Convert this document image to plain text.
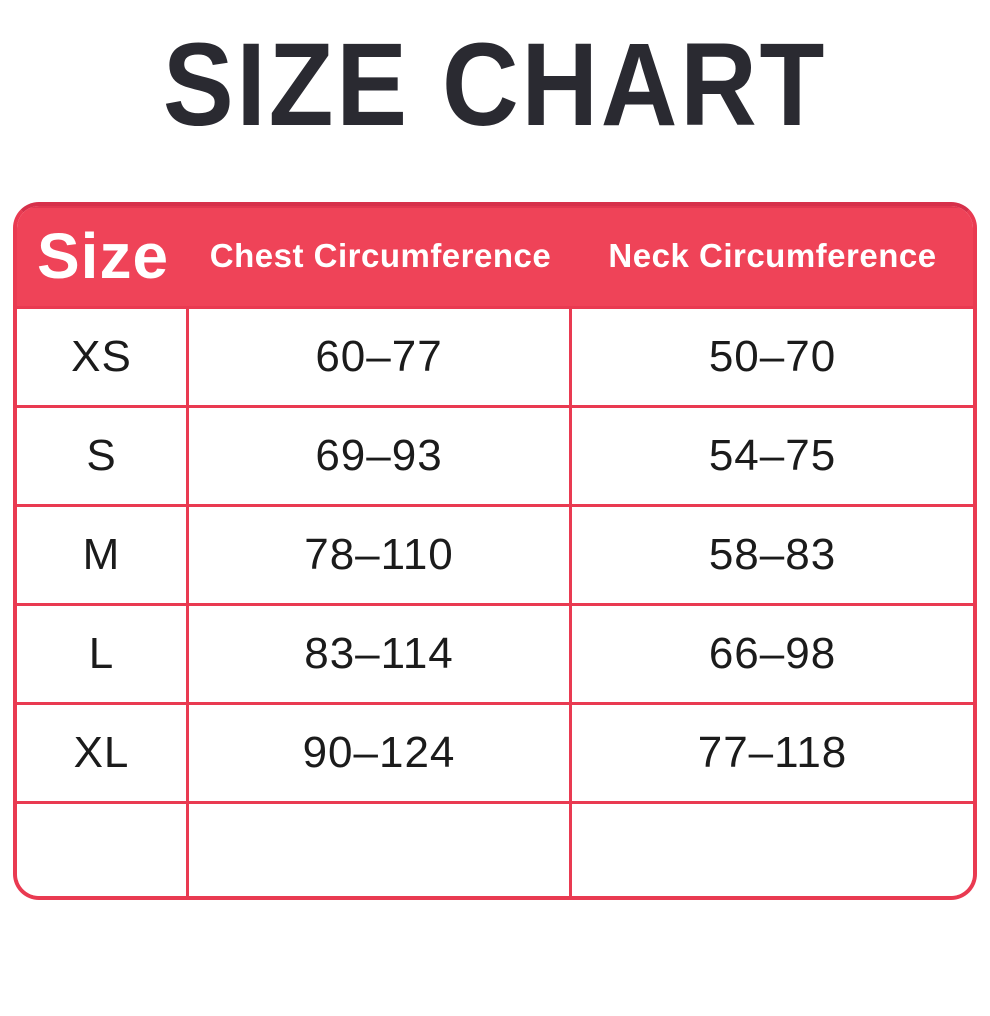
SIZE CHART
Size	Chest Circumference	Neck Circumference
XS	60–77	50–70
S	69–93	54–75
M	78–110	58–83
L	83–114	66–98
XL	90–124	77–118
